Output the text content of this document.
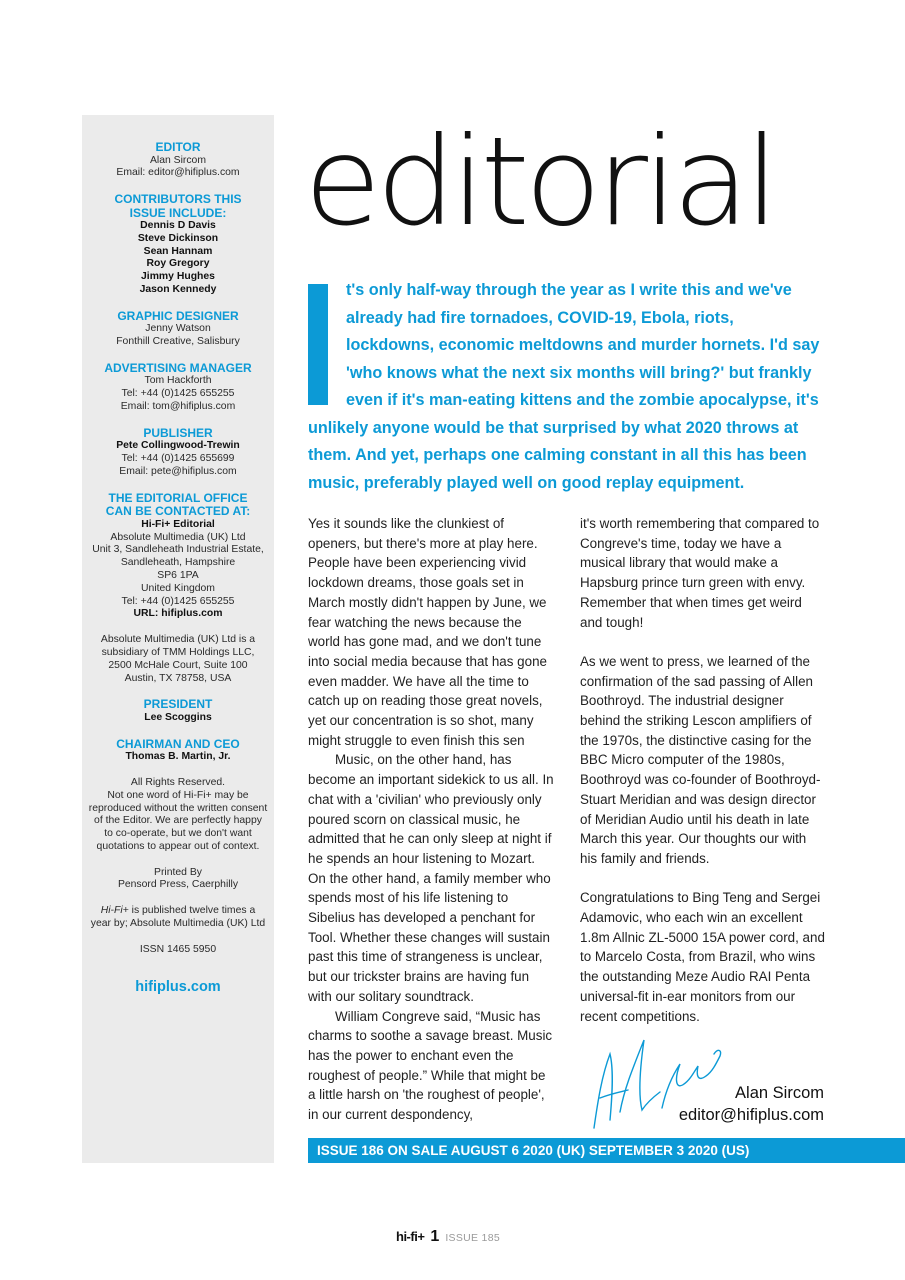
EDITOR
Alan Sircom
Email: editor@hifiplus.com
CONTRIBUTORS THIS
ISSUE INCLUDE:
Dennis D Davis
Steve Dickinson
Sean Hannam
Roy Gregory
Jimmy Hughes
Jason Kennedy
GRAPHIC DESIGNER
Jenny Watson
Fonthill Creative, Salisbury
ADVERTISING MANAGER
Tom Hackforth
Tel: +44 (0)1425 655255
Email: tom@hifiplus.com
PUBLISHER
Pete Collingwood-Trewin
Tel: +44 (0)1425 655699
Email: pete@hifiplus.com
THE EDITORIAL OFFICE
CAN BE CONTACTED AT:
Hi-Fi+ Editorial
Absolute Multimedia (UK) Ltd
Unit 3, Sandleheath Industrial Estate,
Sandleheath, Hampshire
SP6 1PA
United Kingdom
Tel: +44 (0)1425 655255
URL: hifiplus.com
Absolute Multimedia (UK) Ltd is a
subsidiary of TMM Holdings LLC,
2500 McHale Court, Suite 100
Austin, TX 78758, USA
PRESIDENT
Lee Scoggins
CHAIRMAN AND CEO
Thomas B. Martin, Jr.
All Rights Reserved.
Not one word of Hi-Fi+ may be
reproduced without the written consent
of the Editor. We are perfectly happy
to co-operate, but we don't want
quotations to appear out of context.
Printed By
Pensord Press, Caerphilly
Hi-Fi+ is published twelve times a
year by; Absolute Multimedia (UK) Ltd
ISSN 1465 5950
hifiplus.com
editorial
t's only half-way through the year as I write this and we've already had fire tornadoes, COVID-19, Ebola, riots, lockdowns, economic meltdowns and murder hornets. I'd say 'who knows what the next six months will bring?' but frankly even if it's man-eating kittens and the zombie apocalypse, it's unlikely anyone would be that surprised by what 2020 throws at them. And yet, perhaps one calming constant in all this has been music, preferably played well on good replay equipment.

Yes it sounds like the clunkiest of openers, but there's more at play here. People have been experiencing vivid lockdown dreams, those goals set in March mostly didn't happen by June, we fear watching the news because the world has gone mad, and we don't tune into social media because that has gone even madder. We have all the time to catch up on reading those great novels, yet our concentration is so shot, many might struggle to even finish this sen

Music, on the other hand, has become an important sidekick to us all. In chat with a 'civilian' who previously only poured scorn on classical music, he admitted that he can only sleep at night if he spends an hour listening to Mozart. On the other hand, a family member who spends most of his life listening to Sibelius has developed a penchant for Tool. Whether these changes will sustain past this time of strangeness is unclear, but our trickster brains are having fun with our solitary soundtrack.

William Congreve said, “Music has charms to soothe a savage breast. Music has the power to enchant even the roughest of people.” While that might be a little harsh on 'the roughest of people', in our current despondency,

it's worth remembering that compared to Congreve's time, today we have a musical library that would make a Hapsburg prince turn green with envy. Remember that when times get weird and tough!

As we went to press, we learned of the confirmation of the sad passing of Allen Boothroyd. The industrial designer behind the striking Lescon amplifiers of the 1970s, the distinctive casing for the BBC Micro computer of the 1980s, Boothroyd was co-founder of Boothroyd-Stuart Meridian and was design director of Meridian Audio until his death in late March this year. Our thoughts our with his family and friends.

Congratulations to Bing Teng and Sergei Adamovic, who each win an excellent 1.8m Allnic ZL-5000 15A power cord, and to Marcelo Costa, from Brazil, who wins the outstanding Meze Audio RAI Penta universal-fit in-ear monitors from our recent competitions.

Alan Sircom
editor@hifiplus.com
ISSUE 186 ON SALE AUGUST 6 2020 (UK) SEPTEMBER 3 2020 (US)
hi-fi+ 1 ISSUE 185
